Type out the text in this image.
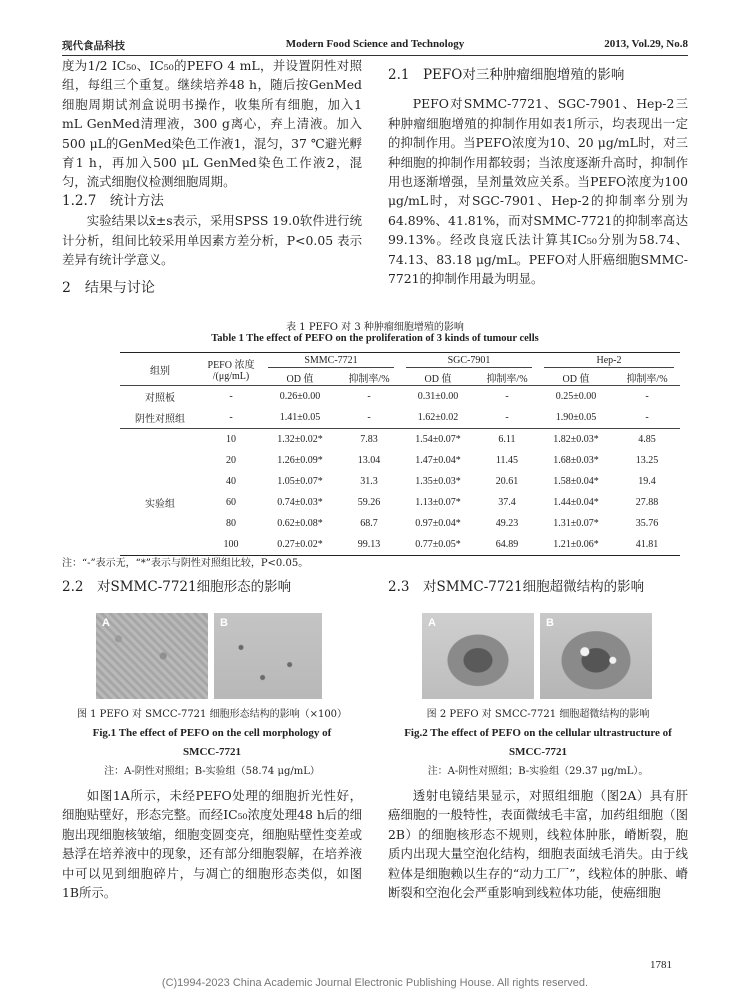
现代食品科技	Modern Food Science and Technology	2013, Vol.29, No.8

度为1/2 IC₅₀、IC₅₀的PEFO 4 mL，并设置阴性对照组，每组三个重复。继续培养48 h，随后按GenMed细胞周期试剂盒说明书操作，收集所有细胞，加入1 mL GenMed清理液，300 g离心，弃上清液。加入500 μL的GenMed染色工作液1，混匀，37 ℃避光孵育1 h，再加入500 μL GenMed染色工作液2，混匀，流式细胞仪检测细胞周期。

1.2.7　统计方法

实验结果以x̄±s表示，采用SPSS 19.0软件进行统计分析，组间比较采用单因素方差分析，P<0.05 表示差异有统计学意义。

2　结果与讨论

2.1　PEFO对三种肿瘤细胞增殖的影响

PEFO对SMMC-7721、SGC-7901、Hep-2三种肿瘤细胞增殖的抑制作用如表1所示，均表现出一定的抑制作用。当PEFO浓度为10、20 μg/mL时，对三种细胞的抑制作用都较弱；当浓度逐渐升高时，抑制作用也逐渐增强，呈剂量效应关系。当PEFO浓度为100 μg/mL时，对SGC-7901、Hep-2的抑制率分别为64.89%、41.81%，而对SMMC-7721的抑制率高达99.13%。经改良寇氏法计算其IC₅₀分别为58.74、74.13、83.18 μg/mL。PEFO对人肝癌细胞SMMC-7721的抑制作用最为明显。

表 1 PEFO 对 3 种肿瘤细胞增殖的影响
Table 1 The effect of PEFO on the proliferation of 3 kinds of tumour cells
组别	PEFO 浓度
/(μg/mL)	SMMC-7721		SGC-7901		Hep-2	

		OD 值	抑制率/%	OD 值	抑制率/%	OD 值	抑制率/%
对照板	-	0.26±0.00	-	0.31±0.00	-	0.25±0.00	-
阴性对照组	-	1.41±0.05	-	1.62±0.02	-	1.90±0.05	-
	10	1.32±0.02*	7.83	1.54±0.07*	6.11	1.82±0.03*	4.85
	20	1.26±0.09*	13.04	1.47±0.04*	11.45	1.68±0.03*	13.25
	40	1.05±0.07*	31.3	1.35±0.03*	20.61	1.58±0.04*	19.4
实验组	60	0.74±0.03*	59.26	1.13±0.07*	37.4	1.44±0.04*	27.88
	80	0.62±0.08*	68.7	0.97±0.04*	49.23	1.31±0.07*	35.76
	100	0.27±0.02*	99.13	0.77±0.05*	64.89	1.21±0.06*	41.81
注：“-”表示无，“*”表示与阴性对照组比较，P<0.05。

2.2　对SMMC-7721细胞形态的影响

A	B
图 1 PEFO 对 SMCC-7721 细胞形态结构的影响（×100）
Fig.1 The effect of PEFO on the cell morphology of
SMCC-7721
注：A-阴性对照组；B-实验组（58.74 μg/mL）

如图1A所示，未经PEFO处理的细胞折光性好，细胞贴壁好，形态完整。而经IC₅₀浓度处理48 h后的细胞出现细胞核皱缩，细胞变圆变亮，细胞贴壁性变差或悬浮在培养液中的现象，还有部分细胞裂解，在培养液中可以见到细胞碎片，与凋亡的细胞形态类似，如图1B所示。

2.3　对SMMC-7721细胞超微结构的影响

A	B
图 2 PEFO 对 SMCC-7721 细胞超微结构的影响
Fig.2 The effect of PEFO on the cellular ultrastructure of
SMCC-7721
注：A-阴性对照组；B-实验组（29.37 μg/mL）。

透射电镜结果显示，对照组细胞（图2A）具有肝癌细胞的一般特性，表面微绒毛丰富，加药组细胞（图2B）的细胞核形态不规则，线粒体肿胀，嵴断裂，胞质内出现大量空泡化结构，细胞表面绒毛消失。由于线粒体是细胞赖以生存的“动力工厂”，线粒体的肿胀、嵴断裂和空泡化会严重影响到线粒体功能，使癌细胞

1781
(C)1994-2023 China Academic Journal Electronic Publishing House. All rights reserved.
